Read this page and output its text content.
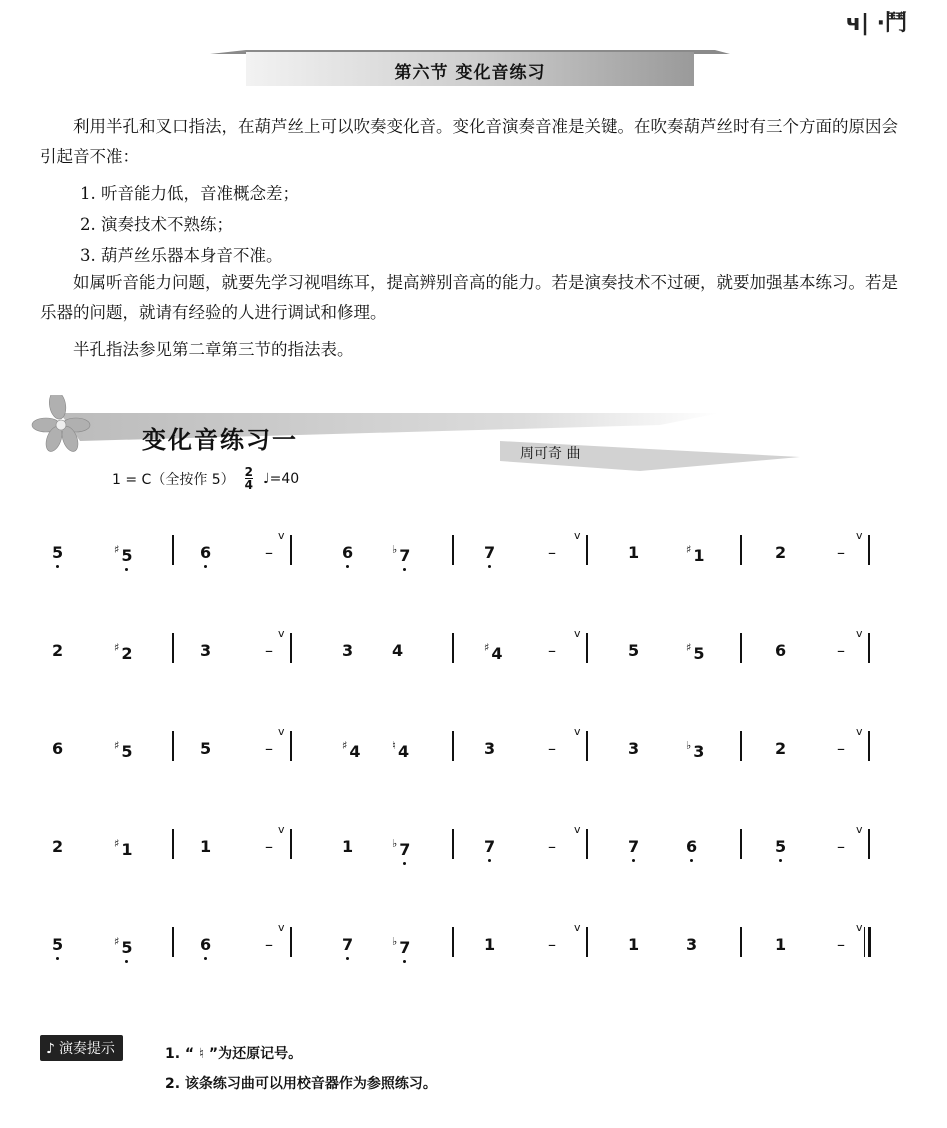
ч| ·鬥
第六节 变化音练习
利用半孔和叉口指法，在葫芦丝上可以吹奏变化音。变化音演奏音准是关键。在吹奏葫芦丝时有三个方面的原因会引起音不准：
1. 听音能力低，音准概念差；
2. 演奏技术不熟练；
3. 葫芦丝乐器本身音不准。
如属听音能力问题，就要先学习视唱练耳，提高辨别音高的能力。若是演奏技术不过硬，就要加强基本练习。若是乐器的问题，就请有经验的人进行调试和修理。
半孔指法参见第二章第三节的指法表。
变化音练习一	周可奇 曲
1 = C（全按作 $5) \frac{2}{4}$ ♩=40
5	♯ 5	6	–
v
6	♭ 7	7	–
v
1	♯ 1	2	–
v
2	♯ 2	3	–
v
3 4	♯ 4	–
v
5	♯ 5	6	–
v
6	♯ 5	5	–
v
♯ 4	♮ 4	3	–
v
3	♭ 3	2	–
v
2	♯ 1	1	–
v
1	♭ 7	7	–
v
7	6	5	–
v
5	♯ 5	6	–
v
7	♭ 7	1	–
v
1	3	1	–
v
♪ 演奏提示	1. “ ♮ ”为还原记号。
2. 该条练习曲可以用校音器作为参照练习。
